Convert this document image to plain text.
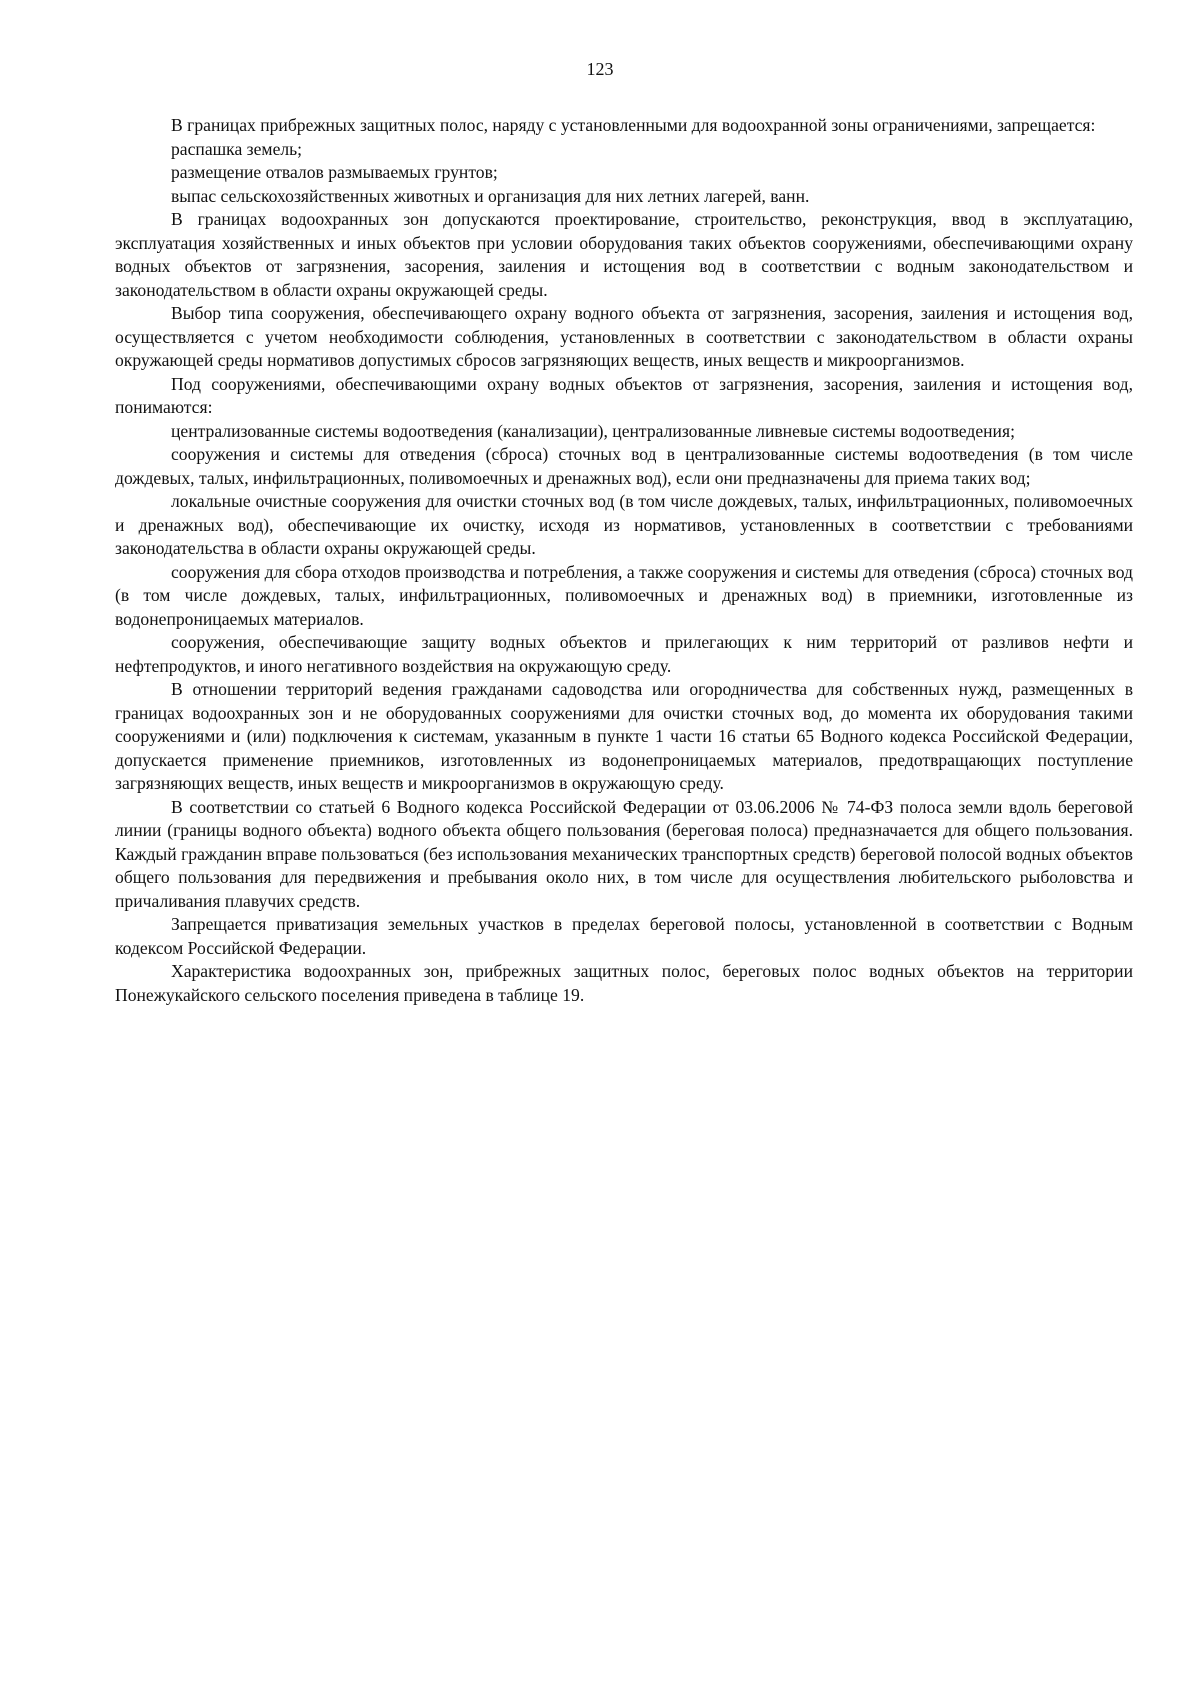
123

В границах прибрежных защитных полос, наряду с установленными для водоохранной зоны ограничениями, запрещается:

распашка земель;

размещение отвалов размываемых грунтов;

выпас сельскохозяйственных животных и организация для них летних лагерей, ванн.

В границах водоохранных зон допускаются проектирование, строительство, реконструкция, ввод в эксплуатацию, эксплуатация хозяйственных и иных объектов при условии оборудования таких объектов сооружениями, обеспечивающими охрану водных объектов от загрязнения, засорения, заиления и истощения вод в соответствии с водным законодательством и законодательством в области охраны окружающей среды.

Выбор типа сооружения, обеспечивающего охрану водного объекта от загрязнения, засорения, заиления и истощения вод, осуществляется с учетом необходимости соблюдения, установленных в соответствии с законодательством в области охраны окружающей среды нормативов допустимых сбросов загрязняющих веществ, иных веществ и микроорганизмов.

Под сооружениями, обеспечивающими охрану водных объектов от загрязнения, засорения, заиления и истощения вод, понимаются:

централизованные системы водоотведения (канализации), централизованные ливневые системы водоотведения;

сооружения и системы для отведения (сброса) сточных вод в централизованные системы водоотведения (в том числе дождевых, талых, инфильтрационных, поливомоечных и дренажных вод), если они предназначены для приема таких вод;

локальные очистные сооружения для очистки сточных вод (в том числе дождевых, талых, инфильтрационных, поливомоечных и дренажных вод), обеспечивающие их очистку, исходя из нормативов, установленных в соответствии с требованиями законодательства в области охраны окружающей среды.

сооружения для сбора отходов производства и потребления, а также сооружения и системы для отведения (сброса) сточных вод (в том числе дождевых, талых, инфильтрационных, поливомоечных и дренажных вод) в приемники, изготовленные из водонепроницаемых материалов.

сооружения, обеспечивающие защиту водных объектов и прилегающих к ним территорий от разливов нефти и нефтепродуктов, и иного негативного воздействия на окружающую среду.

В отношении территорий ведения гражданами садоводства или огородничества для собственных нужд, размещенных в границах водоохранных зон и не оборудованных сооружениями для очистки сточных вод, до момента их оборудования такими сооружениями и (или) подключения к системам, указанным в пункте 1 части 16 статьи 65 Водного кодекса Российской Федерации, допускается применение приемников, изготовленных из водонепроницаемых материалов, предотвращающих поступление загрязняющих веществ, иных веществ и микроорганизмов в окружающую среду.

В соответствии со статьей 6 Водного кодекса Российской Федерации от 03.06.2006 № 74-ФЗ полоса земли вдоль береговой линии (границы водного объекта) водного объекта общего пользования (береговая полоса) предназначается для общего пользования. Каждый гражданин вправе пользоваться (без использования механических транспортных средств) береговой полосой водных объектов общего пользования для передвижения и пребывания около них, в том числе для осуществления любительского рыболовства и причаливания плавучих средств.

Запрещается приватизация земельных участков в пределах береговой полосы, установленной в соответствии с Водным кодексом Российской Федерации.

Характеристика водоохранных зон, прибрежных защитных полос, береговых полос водных объектов на территории Понежукайского сельского поселения приведена в таблице 19.
